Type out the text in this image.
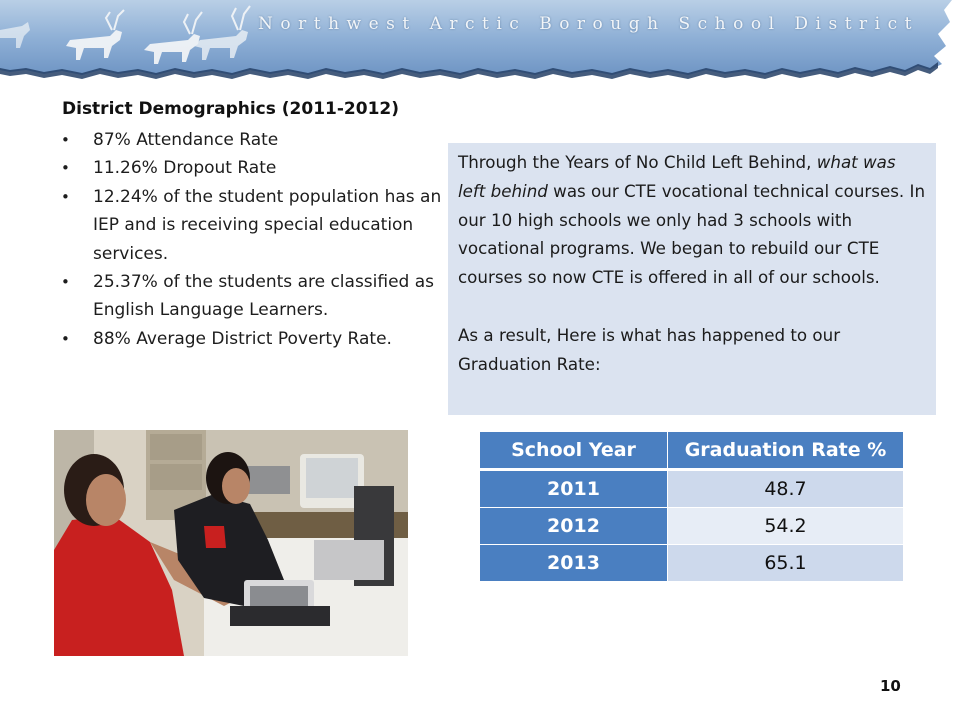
Northwest Arctic Borough School District
District Demographics (2011-2012)
• 87% Attendance Rate
• 11.26% Dropout Rate
• 12.24% of the student population has an IEP and is receiving special education services.
• 25.37% of the students are classified as English Language Learners.
• 88% Average District Poverty Rate.

Through the Years of No Child Left Behind, what was left behind was our CTE vocational technical courses. In our 10 high schools we only had 3 schools with vocational programs. We began to rebuild our CTE courses so now CTE is offered in all of our schools.

As a result, Here is what has happened to our Graduation Rate:

School Year	Graduation Rate %
2011	48.7
2012	54.2
2013	65.1
10
